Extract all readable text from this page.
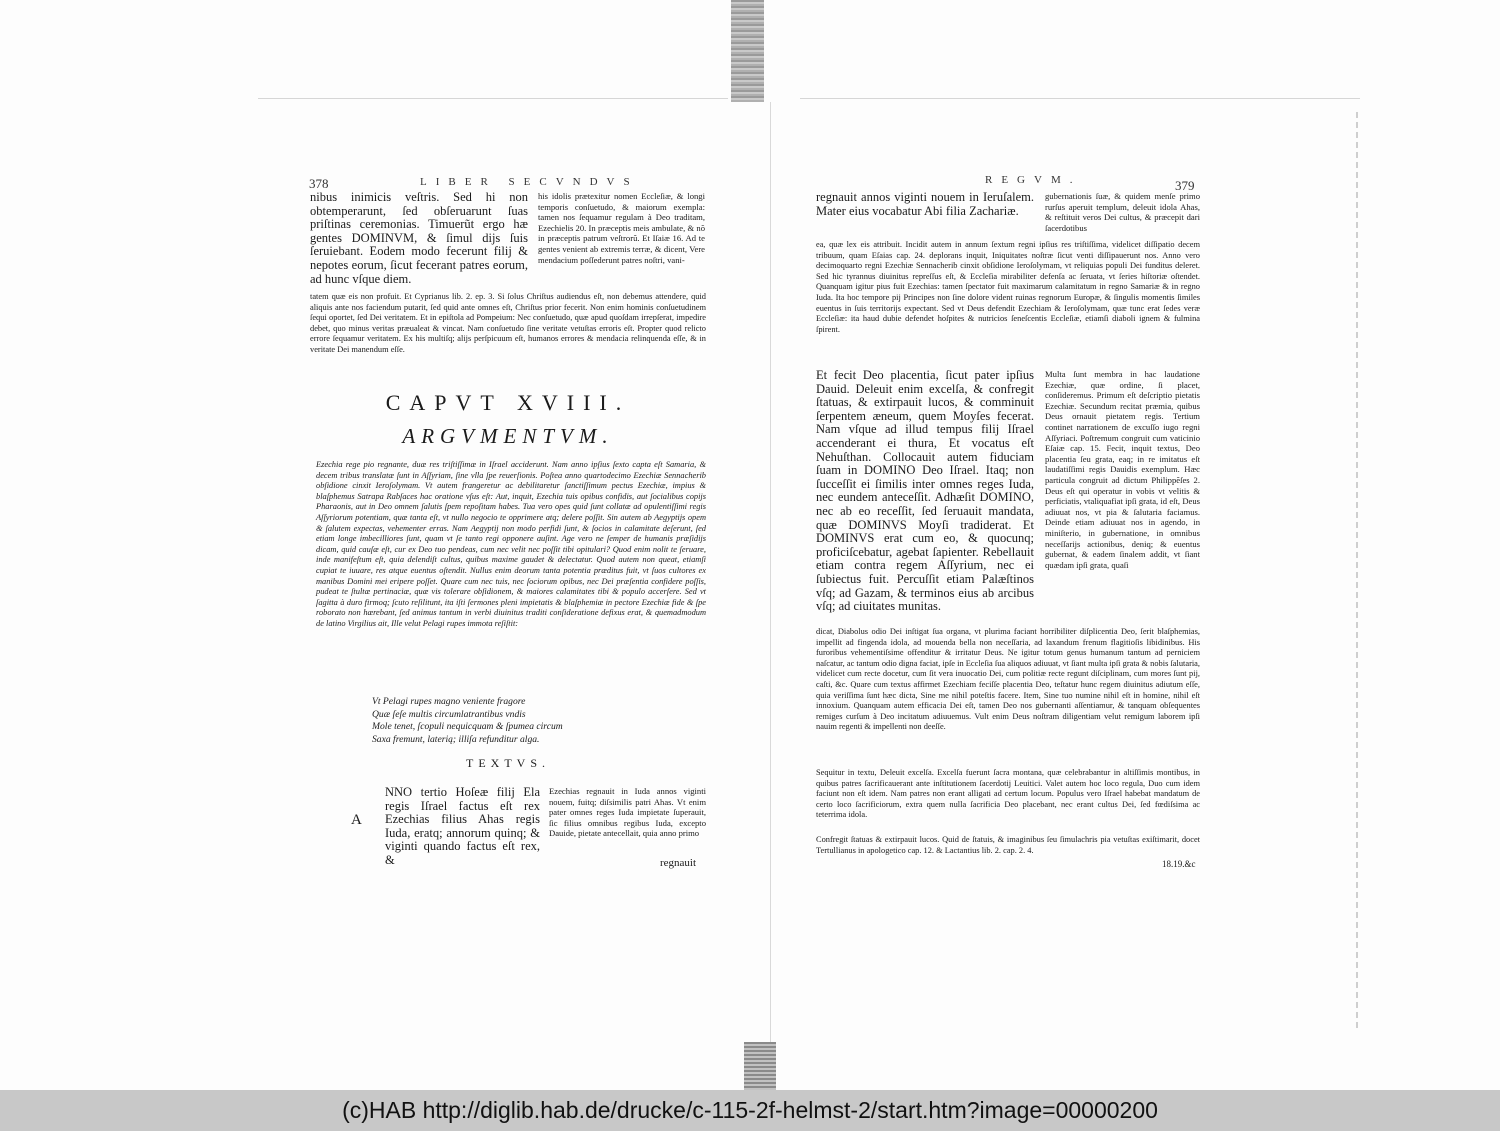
378	LIBER SECVNDVS
nibus inimicis veſtris. Sed hi non obtemperarunt, ſed obſeruarunt ſuas priſtinas ceremonias. Timuerũt ergo hæ gentes DOMINVM, & ſimul dijs ſuis ſeruiebant. Eodem modo fecerunt filij & nepotes eorum, ſicut fecerant patres eorum, ad hunc vſque diem.
his idolis prætexitur nomen Eccleſiæ, & longi temporis conſuetudo, & maiorum exempla: tamen nos ſequamur regulam à Deo traditam, Ezechielis 20. In præceptis meis ambulate, & nõ in præceptis patrum veſtrorũ. Et Iſaiæ 16. Ad te gentes venient ab extremis terræ, & dicent, Vere mendacium poſſederunt patres noſtri, vani-
tatem quæ eis non profuit. Et Cyprianus lib. 2. ep. 3. Si ſolus Chriſtus audiendus eſt, non debemus attendere, quid aliquis ante nos faciendum putarit, ſed quid ante omnes eſt, Chriſtus prior fecerit. Non enim hominis conſuetudinem ſequi oportet, ſed Dei veritatem. Et in epiſtola ad Pompeium: Nec conſuetudo, quæ apud quoſdam irrepſerat, impedire debet, quo minus veritas præualeat & vincat. Nam conſuetudo ſine veritate vetuſtas erroris eſt. Propter quod relicto errore ſequamur veritatem. Ex his multiſq; alijs perſpicuum eſt, humanos errores & mendacia relinquenda eſſe, & in veritate Dei manendum eſſe.
CAPVT XVIII.
ARGVMENTVM.
Ezechia rege pio regnante, duæ res triſtiſſimæ in Iſrael acciderunt. Nam anno ipſius ſexto capta eſt Samaria, & decem tribus translatæ ſunt in Aſſyriam, ſine vlla ſpe reuerſionis. Poſtea anno quartodecimo Ezechiæ Sennacherib obſidione cinxit Ieroſolymam. Vt autem frangeretur ac debilitaretur ſanctiſſimum pectus Ezechiæ, impius & blaſphemus Satrapa Rabſaces hac oratione vſus eſt: Aut, inquit, Ezechia tuis opibus confidis, aut ſocialibus copijs Pharaonis, aut in Deo omnem ſalutis ſpem repoſitam habes. Tua vero opes quid ſunt collatæ ad opulentiſſimi regis Aſſyriorum potentiam, quæ tanta eſt, vt nullo negocio te opprimere atq; delere poſſit. Sin autem ab Aegyptijs opem & ſalutem expectas, vehementer erras. Nam Aegyptij non modo perfidi ſunt, & ſocios in calamitate deſerunt, ſed etiam longe imbecilliores ſunt, quam vt ſe tanto regi opponere auſint. Age vero ne ſemper de humanis præſidijs dicam, quid cauſæ eſt, cur ex Deo tuo pendeas, cum nec velit nec poſſit tibi opitulari? Quod enim nolit te ſeruare, inde manifeſtum eſt, quia delendiſt cultus, quibus maxime gaudet & delectatur. Quod autem non queat, etiamſi cupiat te iuuare, res atque euentus oſtendit. Nullus enim deorum tanta potentia præditus fuit, vt ſuos cultores ex manibus Domini mei eripere poſſet. Quare cum nec tuis, nec ſociorum opibus, nec Dei præſentia confidere poſſis, pudeat te ſtultæ pertinaciæ, quæ vis tolerare obſidionem, & maiores calamitates tibi & populo accerſere. Sed vt ſagitta à duro firmoq; ſcuto reſilitunt, ita iſti ſermones pleni impietatis & blaſphemiæ in pectore Ezechiæ fide & ſpe roborato non hærebant, ſed animus tantum in verbi diuinitus traditi conſideratione defixus erat, & quemadmodum de latino Virgilius ait, Ille velut Pelagi rupes immota reſiſtit:
Vt Pelagi rupes magno veniente fragore
Quæ ſeſe multis circumlatrantibus vndis
Mole tenet, ſcopuli nequicquam & ſpumea circum
Saxa fremunt, laterią; illiſa refunditur alga.
TEXTVS.
A
NNO tertio Hoſeæ filij Ela regis Iſrael factus eſt rex Ezechias filius Ahas regis Iuda, eratq; annorum quinq; & viginti quando factus eſt rex, &
Ezechias regnauit in Iuda annos viginti nouem, fuitq; diſsimilis patri Ahas. Vt enim pater omnes reges Iuda impietate ſuperauit, ſic filius omnibus regibus Iuda, excepto Dauide, pietate antecellait, quia anno primo
regnauit
REGVM.	379
regnauit annos viginti nouem in Ieruſalem. Mater eius vocabatur Abi filia Zachariæ.
gubernationis ſuæ, & quidem menſe primo rurſus aperuit templum, deleuit idola Ahas, & reſtituit veros Dei cultus, & præcepit dari ſacerdotibus
ea, quæ lex eis attribuit. Incidit autem in annum ſextum regni ipſius res triſtiſſima, videlicet diſſipatio decem tribuum, quam Eſaias cap. 24. deplorans inquit, Iniquitates noſtræ ſicut venti diſſipauerunt nos. Anno vero decimoquarto regni Ezechiæ Sennacherib cinxit obſidione Ieroſolymam, vt reliquias populi Dei funditus deleret. Sed hic tyrannus diuinitus repreſſus eſt, & Eccleſia mirabiliter defenſa ac ſeruata, vt ſeries hiſtoriæ oſtendet. Quanquam igitur pius fuit Ezechias: tamen ſpectator fuit maximarum calamitatum in regno Samariæ & in regno Iuda. Ita hoc tempore pij Principes non ſine dolore vident ruinas regnorum Europæ, & ſingulis momentis ſimiles euentus in ſuis territorijs expectant. Sed vt Deus defendit Ezechiam & Ieroſolymam, quæ tunc erat ſedes veræ Eccleſiæ: ita haud dubie defendet hoſpites & nutricios ſeneſcentis Eccleſiæ, etiamſi diaboli ignem & fulmina ſpirent.
Et fecit Deo placentia, ſicut pater ipſius Dauid. Deleuit enim excelſa, & confregit ſtatuas, & extirpauit lucos, & comminuit ſerpentem æneum, quem Moyſes fecerat. Nam vſque ad illud tempus filij Iſrael accenderant ei thura, Et vocatus eſt Nehuſthan. Collocauit autem fiduciam ſuam in DOMINO Deo Iſrael. Itaq; non ſucceſſit ei ſimilis inter omnes reges Iuda, nec eundem anteceſſit. Adhæſit DOMINO, nec ab eo receſſit, ſed ſeruauit mandata, quæ DOMINVS Moyſi tradiderat. Et DOMINVS erat cum eo, & quocunq; proficiſcebatur, agebat ſapienter. Rebellauit etiam contra regem Aſſyrium, nec ei ſubiectus fuit. Percuſſit etiam Palæſtinos vſq; ad Gazam, & terminos eius ab arcibus vſq; ad ciuitates munitas.
Multa ſunt membra in hac laudatione Ezechiæ, quæ ordine, ſi placet, conſideremus. Primum eſt deſcriptio pietatis Ezechiæ. Secundum recitat præmia, quibus Deus ornauit pietatem regis. Tertium continet narrationem de excuſſo iugo regni Aſſyriaci. Poſtremum congruit cum vaticinio Eſaiæ cap. 15. Fecit, inquit textus, Deo placentia ſeu grata, eaq; in re imitatus eſt laudatiſſimi regis Dauidis exemplum. Hæc particula congruit ad dictum Philippẽſes 2. Deus eſt qui operatur in vobis vt velitis & perficiatis, vtaliquafiat ipſi grata, id eſt, Deus adiuuat nos, vt pia & ſalutaria faciamus. Deinde etiam adiuuat nos in agendo, in miniſterio, in gubernatione, in omnibus neceſſarijs actionibus, deniq; & euentus gubernat, & eadem ſinalem addit, vt ſiant quædam ipſi grata, quaſi
dicat, Diabolus odio Dei inſtigat ſua organa, vt plurima faciant horribiliter diſplicentia Deo, ſerit blaſphemias, impellit ad fingenda idola, ad mouenda bella non neceſſaria, ad laxandum frenum flagitioſis libidinibus. His furoribus vehementiſsime offenditur & irritatur Deus. Ne igitur totum genus humanum tantum ad perniciem naſcatur, ac tantum odio digna faciat, ipſe in Eccleſia ſua aliquos adiuuat, vt ſiant multa ipſi grata & nobis ſalutaria, videlicet cum recte docetur, cum ſit vera inuocatio Dei, cum politiæ recte regunt diſciplinam, cum mores ſunt pij, caſti, &c. Quare cum textus affirmet Ezechiam feciſſe placentia Deo, teſtatur hunc regem diuinitus adiutum eſſe, quia veriſſima ſunt hæc dicta, Sine me nihil poteſtis facere. Item, Sine tuo numine nihil eſt in homine, nihil eſt innoxium. Quanquam autem efficacia Dei eſt, tamen Deo nos gubernanti aſſentiamur, & tanquam obſequentes remiges curſum à Deo incitatum adiuuemus. Vult enim Deus noſtram diligentiam velut remigum laborem ipſi nauim regenti & impellenti non deeſſe.
Sequitur in textu, Deleuit excelſa. Excelſa fuerunt ſacra montana, quæ celebrabantur in altiſſimis montibus, in quibus patres ſacrificauerant ante inſtitutionem ſacerdotij Leuitici. Valet autem hoc loco regula, Duo cum idem faciunt non eſt idem. Nam patres non erant alligati ad certum locum. Populus vero Iſrael habebat mandatum de certo loco ſacrificiorum, extra quem nulla ſacrificia Deo placebant, nec erant cultus Dei, ſed fœdiſsima ac teterrima idola.
Confregit ſtatuas & extirpauit lucos. Quid de ſtatuis, & imaginibus ſeu ſimulachris pia vetuſtas exiſtimarit, docet Tertullianus in apologetico cap. 12. & Lactantius lib. 2. cap. 2. 4.
18.19.&c
(c)HAB http://diglib.hab.de/drucke/c-115-2f-helmst-2/start.htm?image=00000200
